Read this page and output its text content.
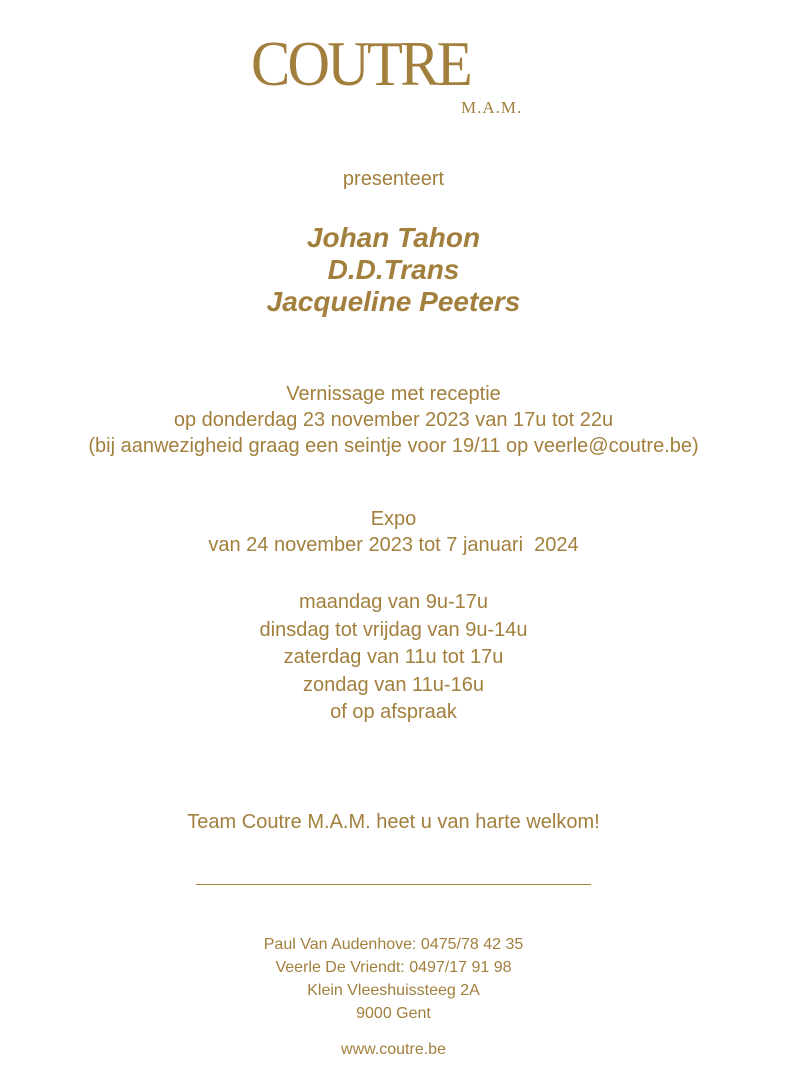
COUTRE
M.A.M.
presenteert
Johan Tahon
D.D.Trans
Jacqueline Peeters
Vernissage met receptie
op donderdag 23 november 2023 van 17u tot 22u
(bij aanwezigheid graag een seintje voor 19/11 op veerle@coutre.be)
Expo
van 24 november 2023 tot 7 januari  2024
maandag van 9u-17u
dinsdag tot vrijdag van 9u-14u
zaterdag van 11u tot 17u
zondag van 11u-16u
of op afspraak
Team Coutre M.A.M. heet u van harte welkom!
Paul Van Audenhove: 0475/78 42 35
Veerle De Vriendt: 0497/17 91 98
Klein Vleeshuissteeg 2A
9000 Gent
www.coutre.be
